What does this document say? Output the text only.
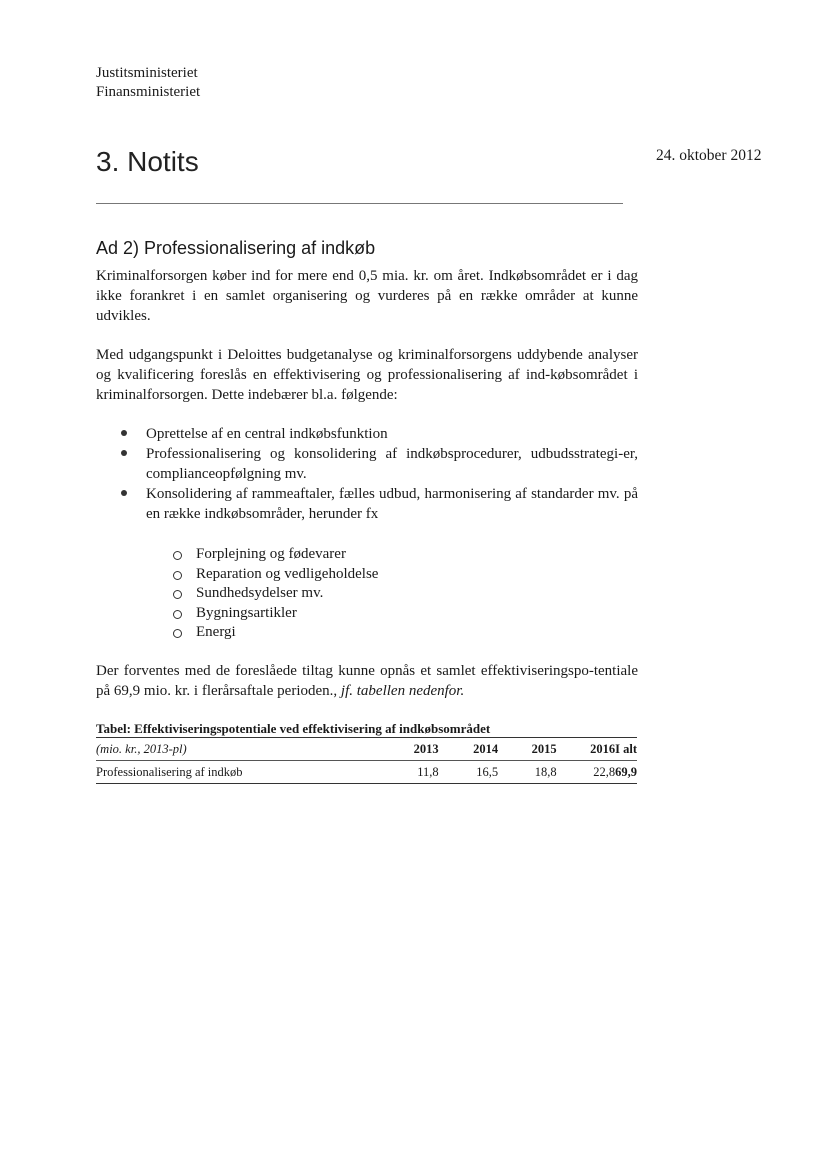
Justitsministeriet
Finansministeriet
24. oktober 2012
3. Notits
Ad 2) Professionalisering af indkøb

Kriminalforsorgen køber ind for mere end 0,5 mia. kr. om året. Indkøbsområdet er i dag ikke forankret i en samlet organisering og vurderes på en række områder at kunne udvikles.

Med udgangspunkt i Deloittes budgetanalyse og kriminalforsorgens uddybende analyser og kvalificering foreslås en effektivisering og professionalisering af ind-købsområdet i kriminalforsorgen. Dette indebærer bl.a. følgende:

Oprettelse af en central indkøbsfunktion
Professionalisering og konsolidering af indkøbsprocedurer, udbudsstrategi-er, complianceopfølgning mv.
Konsolidering af rammeaftaler, fælles udbud, harmonisering af standarder mv. på en række indkøbsområder, herunder fx
Forplejning og fødevarer
Reparation og vedligeholdelse
Sundhedsydelser mv.
Bygningsartikler
Energi

Der forventes med de foreslåede tiltag kunne opnås et samlet effektiviseringspo-tentiale på 69,9 mio. kr. i flerårsaftale perioden., jf. tabellen nedenfor.

Tabel: Effektiviseringspotentiale ved effektivisering af indkøbsområdet
(mio. kr., 2013-pl)	2013	2014	2015	2016	I alt
Professionalisering af indkøb	11,8	16,5	18,8	22,8	69,9
